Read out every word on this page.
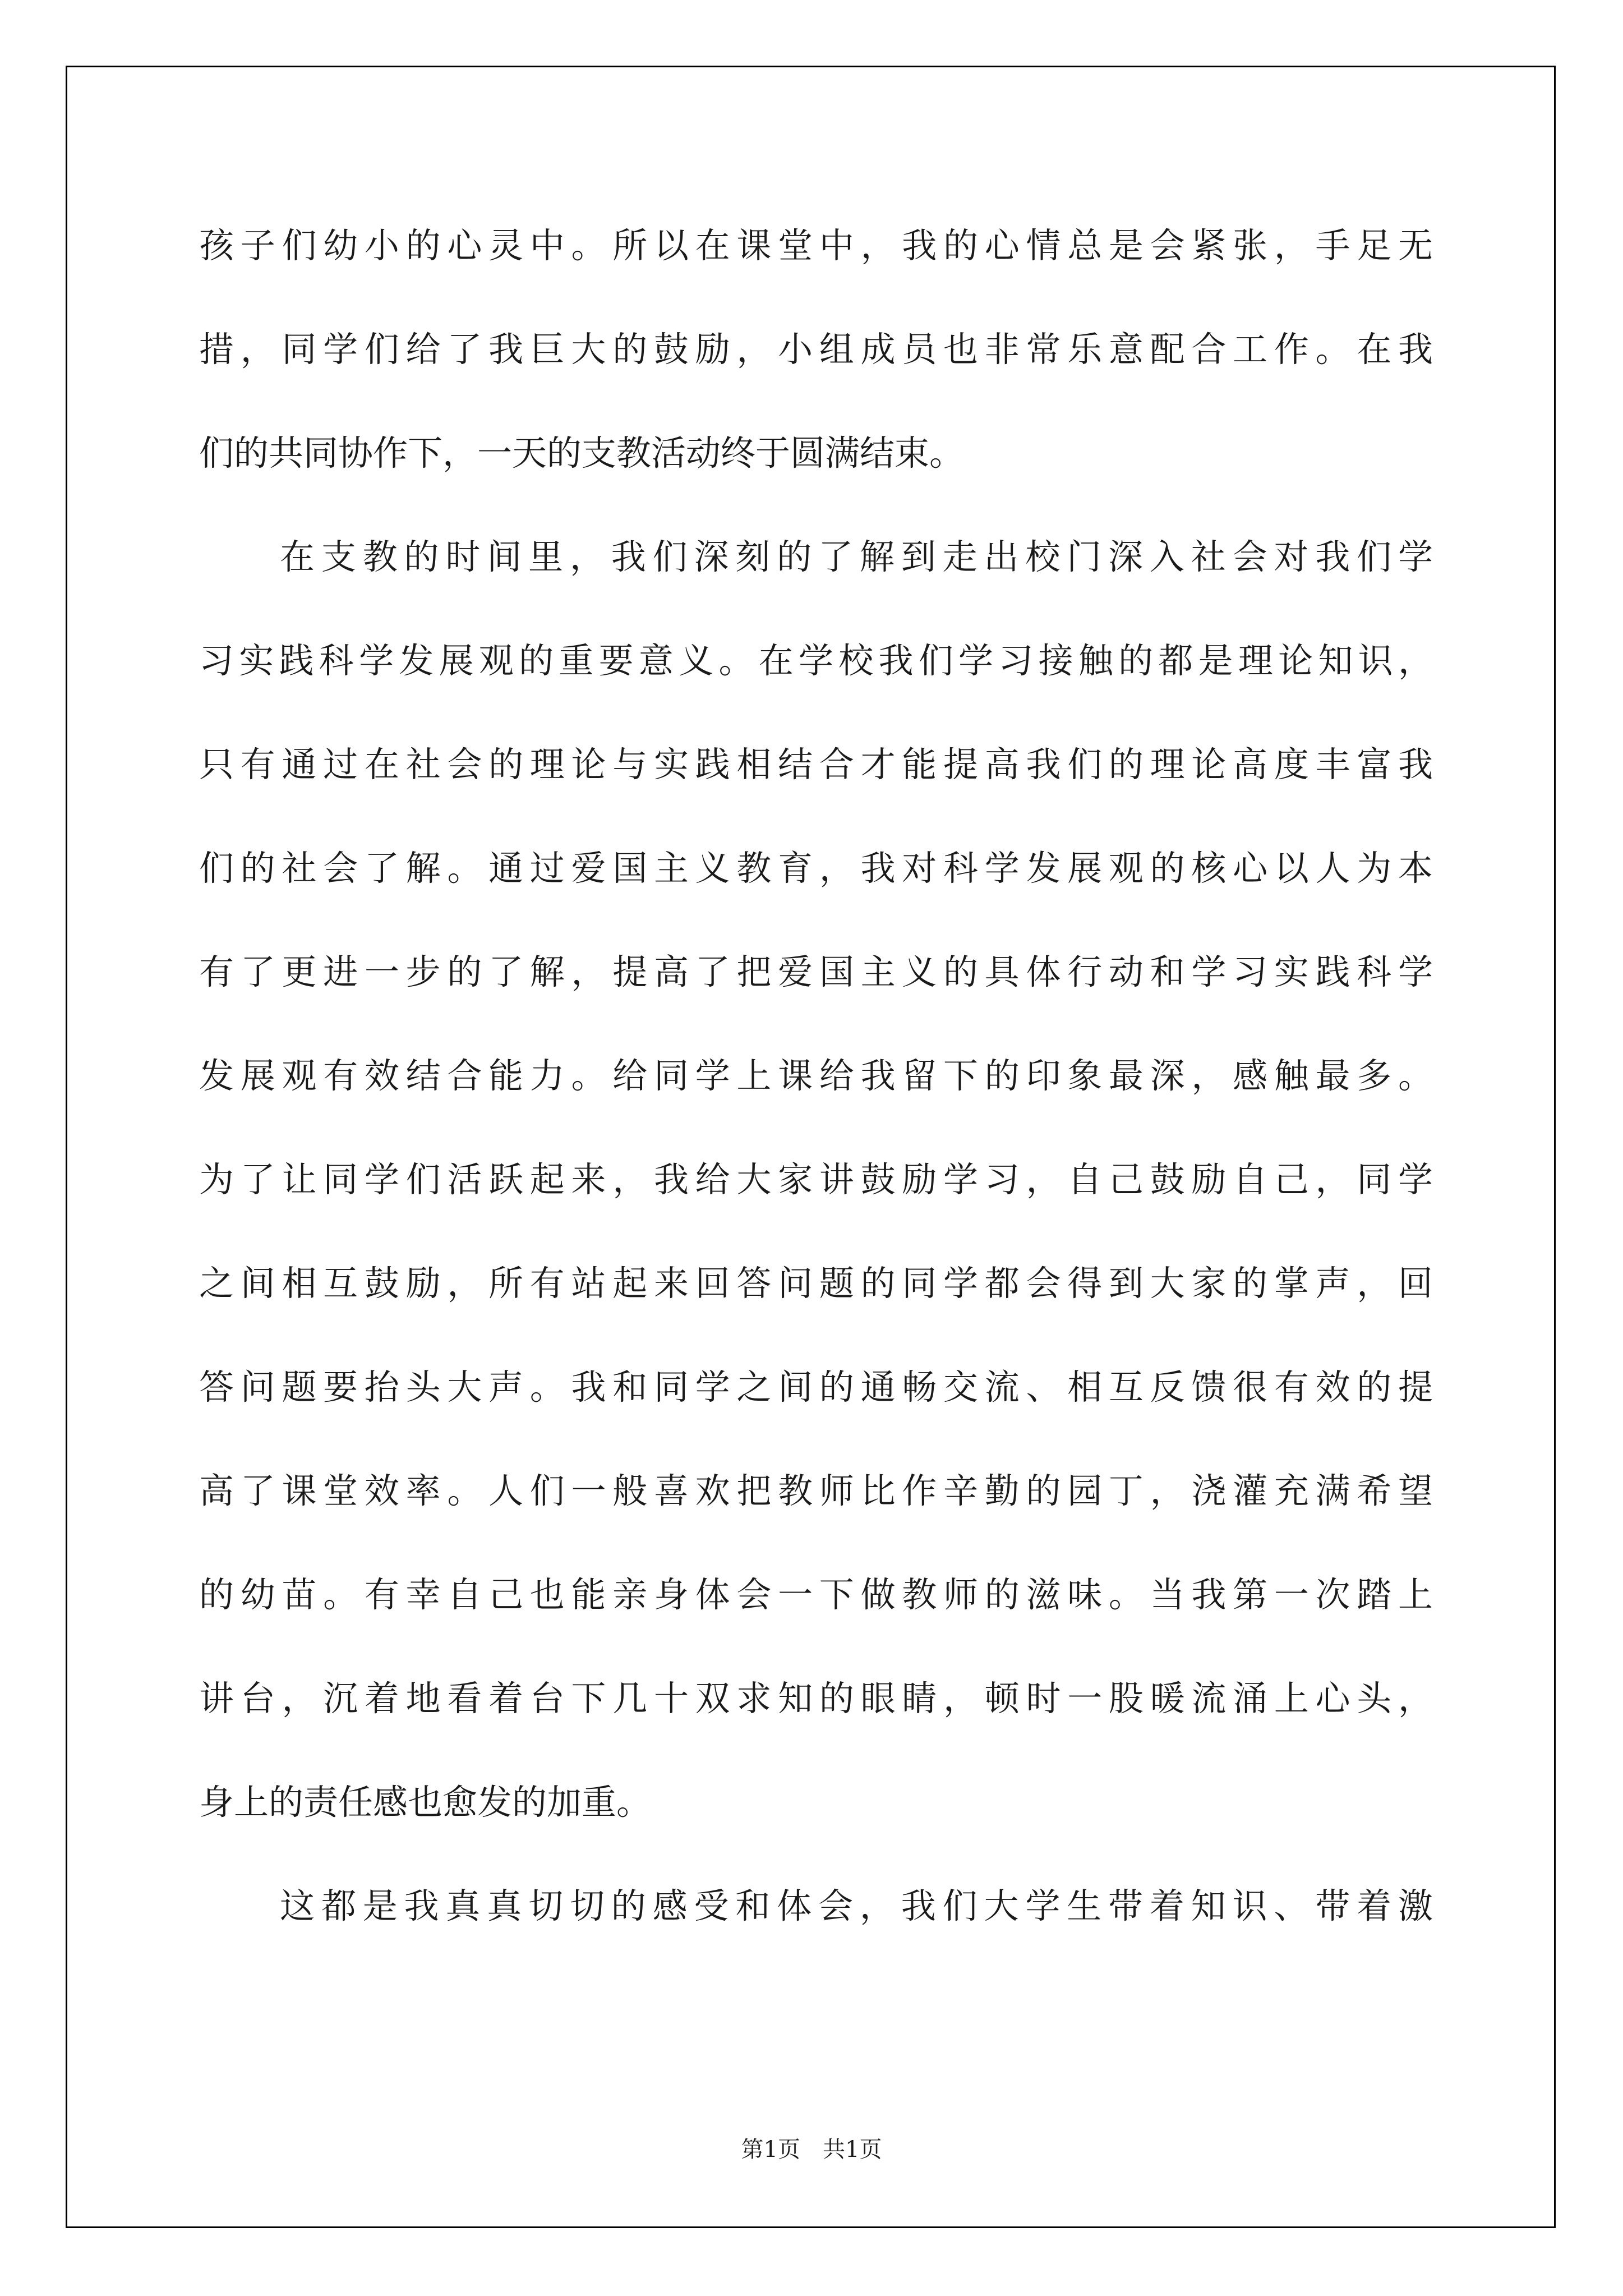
孩子们幼小的心灵中。所以在课堂中，我的心情总是会紧张，手足无
措，同学们给了我巨大的鼓励，小组成员也非常乐意配合工作。在我
们的共同协作下，一天的支教活动终于圆满结束。
在支教的时间里，我们深刻的了解到走出校门深入社会对我们学
习实践科学发展观的重要意义。在学校我们学习接触的都是理论知识，
只有通过在社会的理论与实践相结合才能提高我们的理论高度丰富我
们的社会了解。通过爱国主义教育，我对科学发展观的核心以人为本
有了更进一步的了解，提高了把爱国主义的具体行动和学习实践科学
发展观有效结合能力。给同学上课给我留下的印象最深，感触最多。
为了让同学们活跃起来，我给大家讲鼓励学习，自己鼓励自己，同学
之间相互鼓励，所有站起来回答问题的同学都会得到大家的掌声，回
答问题要抬头大声。我和同学之间的通畅交流、相互反馈很有效的提
高了课堂效率。人们一般喜欢把教师比作辛勤的园丁，浇灌充满希望
的幼苗。有幸自己也能亲身体会一下做教师的滋味。当我第一次踏上
讲台，沉着地看着台下几十双求知的眼睛，顿时一股暖流涌上心头，
身上的责任感也愈发的加重。
这都是我真真切切的感受和体会，我们大学生带着知识、带着激
第1页　共1页
